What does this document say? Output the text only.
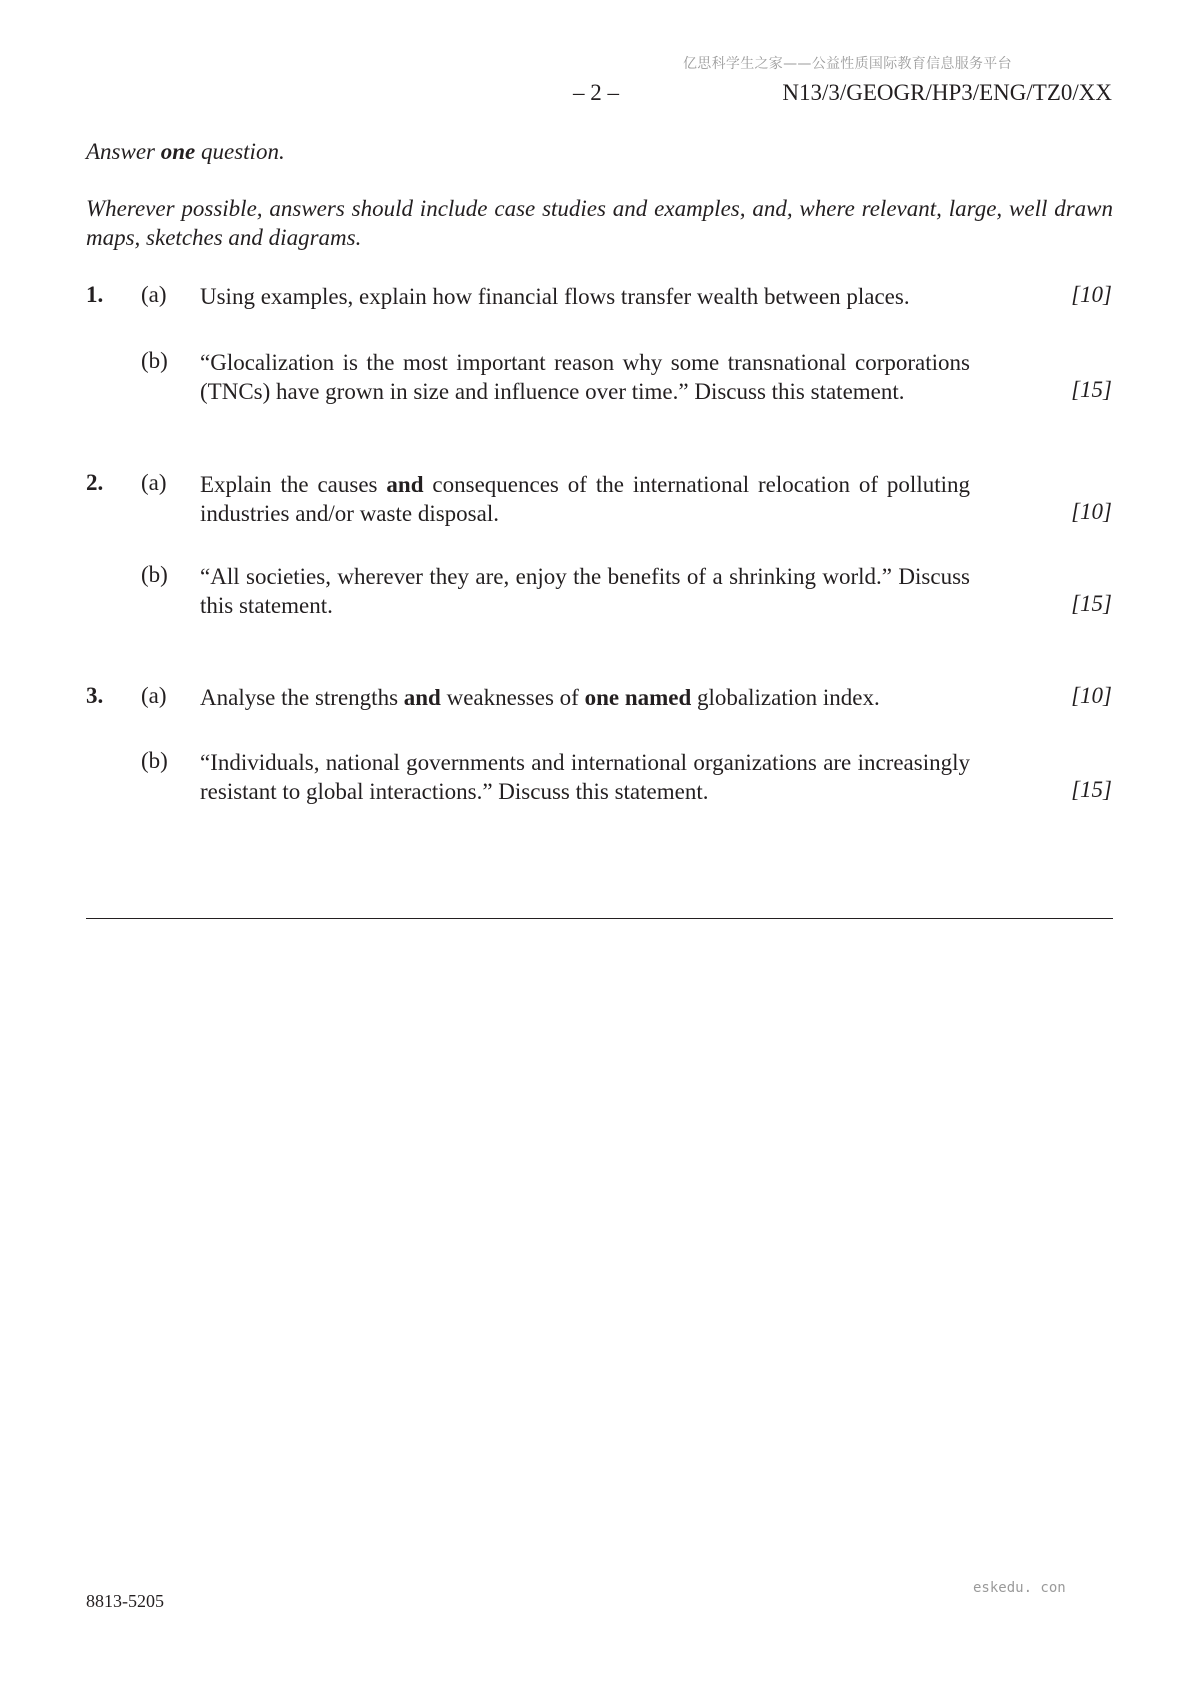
亿思科学生之家——公益性质国际教育信息服务平台
– 2 –	N13/3/GEOGR/HP3/ENG/TZ0/XX
Answer one question.
Wherever possible, answers should include case studies and examples, and, where relevant, large, well drawn maps, sketches and diagrams.
1. (a) Using examples, explain how financial flows transfer wealth between places.	[10]
(b) “Glocalization is the most important reason why some transnational corporations (TNCs) have grown in size and influence over time.” Discuss this statement.	[15]
2. (a) Explain the causes and consequences of the international relocation of polluting industries and/or waste disposal.	[10]
(b) “All societies, wherever they are, enjoy the benefits of a shrinking world.” Discuss this statement.	[15]
3. (a) Analyse the strengths and weaknesses of one named globalization index.	[10]
(b) “Individuals, national governments and international organizations are increasingly resistant to global interactions.” Discuss this statement.	[15]
8813-5205
eskedu. con
